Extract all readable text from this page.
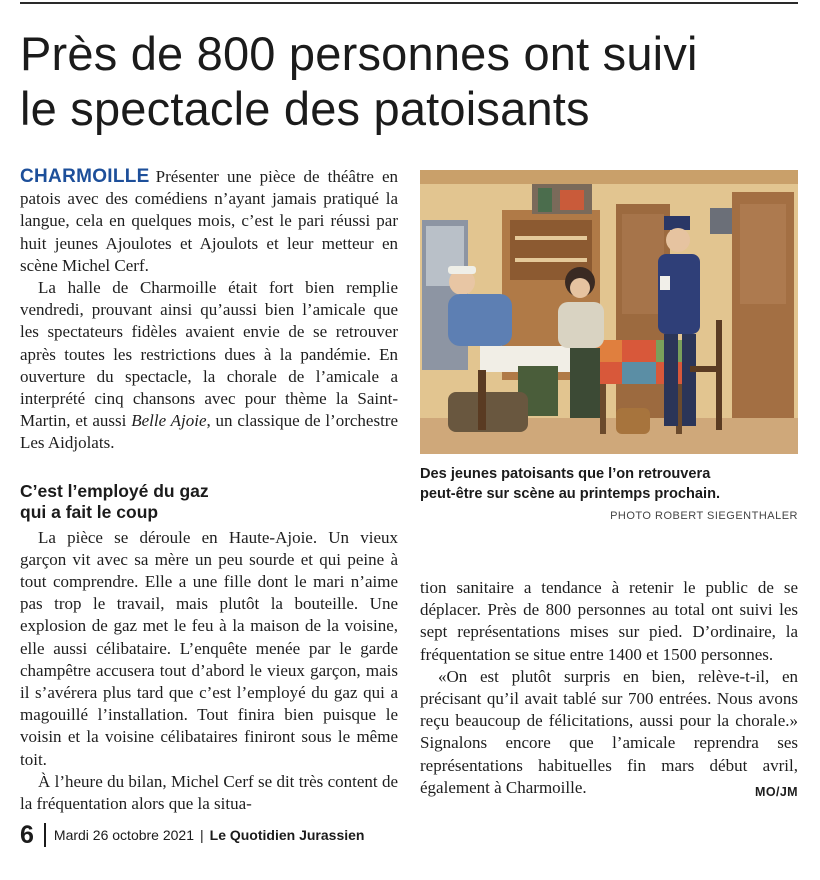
Près de 800 personnes ont suivi
le spectacle des patoisants

CHARMOILLE Présenter une pièce de théâtre en patois avec des comédiens n’ayant jamais pratiqué la langue, cela en quelques mois, c’est le pari réussi par huit jeunes Ajoulotes et Ajoulots et leur metteur en scène Michel Cerf.

La halle de Charmoille était fort bien remplie vendredi, prouvant ainsi qu’aussi bien l’amicale que les spectateurs fidèles avaient envie de se retrouver après toutes les restrictions dues à la pandémie. En ouverture du spectacle, la chorale de l’amicale a interprété cinq chansons avec pour thème la Saint-Martin, et aussi Belle Ajoie, un classique de l’orchestre Les Aidjolats.

C’est l’employé du gaz
qui a fait le coup

La pièce se déroule en Haute-Ajoie. Un vieux garçon vit avec sa mère un peu sourde et qui peine à tout comprendre. Elle a une fille dont le mari n’aime pas trop le travail, mais plutôt la bouteille. Une explosion de gaz met le feu à la maison de la voisine, elle aussi célibataire. L’enquête menée par le garde champêtre accusera tout d’abord le vieux garçon, mais il s’avérera plus tard que c’est l’employé du gaz qui a magouillé l’installation. Tout finira bien puisque le voisin et la voisine célibataires finiront sous le même toit.

À l’heure du bilan, Michel Cerf se dit très content de la fréquentation alors que la situa-

Des jeunes patoisants que l’on retrouvera
peut-être sur scène au printemps prochain.

PHOTO ROBERT SIEGENTHALER

tion sanitaire a tendance à retenir le public de se déplacer. Près de 800 personnes au total ont suivi les sept représentations mises sur pied. D’ordinaire, la fréquentation se situe entre 1400 et 1500 personnes.

«On est plutôt surpris en bien, relève-t-il, en précisant qu’il avait tablé sur 700 entrées. Nous avons reçu beaucoup de félicitations, aussi pour la chorale.» Signalons encore que l’amicale reprendra ses représentations habituelles fin mars début avril, également à Charmoille.	MO/JM

6 Mardi 26 octobre 2021 | Le Quotidien Jurassien
